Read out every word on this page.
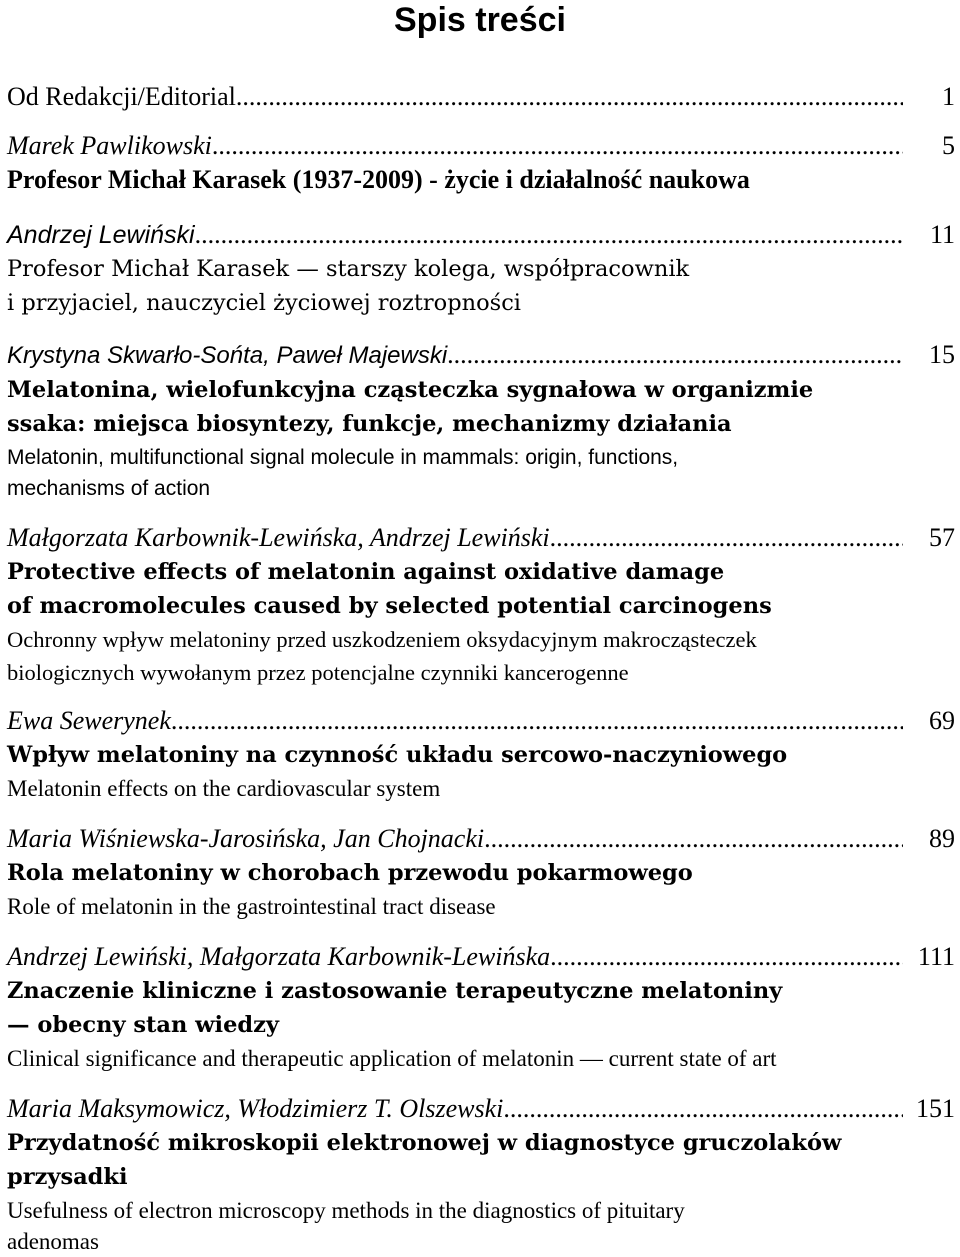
Spis treści
Od Redakcji/Editorial .....	1
Marek Pawlikowski .....	5
Profesor Michał Karasek (1937-2009) - życie i działalność naukowa
Andrzej Lewiński .....	11
Profesor Michał Karasek — starszy kolega, współpracownik
i przyjaciel, nauczyciel życiowej roztropności
Krystyna Skwarło-Sońta, Paweł Majewski .....	15
Melatonina, wielofunkcyjna cząsteczka sygnałowa w organizmie
ssaka: miejsca biosyntezy, funkcje, mechanizmy działania
Melatonin, multifunctional signal molecule in mammals: origin, functions,
mechanisms of action
Małgorzata Karbownik-Lewińska, Andrzej Lewiński .....	57
Protective effects of melatonin against oxidative damage
of macromolecules caused by selected potential carcinogens
Ochronny wpływ melatoniny przed uszkodzeniem oksydacyjnym makrocząsteczek
biologicznych wywołanym przez potencjalne czynniki kancerogenne
Ewa Sewerynek .....	69
Wpływ melatoniny na czynność układu sercowo-naczyniowego
Melatonin effects on the cardiovascular system
Maria Wiśniewska-Jarosińska, Jan Chojnacki .....	89
Rola melatoniny w chorobach przewodu pokarmowego
Role of melatonin in the gastrointestinal tract disease
Andrzej Lewiński, Małgorzata Karbownik-Lewińska .....	111
Znaczenie kliniczne i zastosowanie terapeutyczne melatoniny
— obecny stan wiedzy
Clinical significance and therapeutic application of melatonin — current state of art
Maria Maksymowicz, Włodzimierz T. Olszewski .....	151
Przydatność mikroskopii elektronowej w diagnostyce gruczolaków
przysadki
Usefulness of electron microscopy methods in the diagnostics of pituitary
adenomas
